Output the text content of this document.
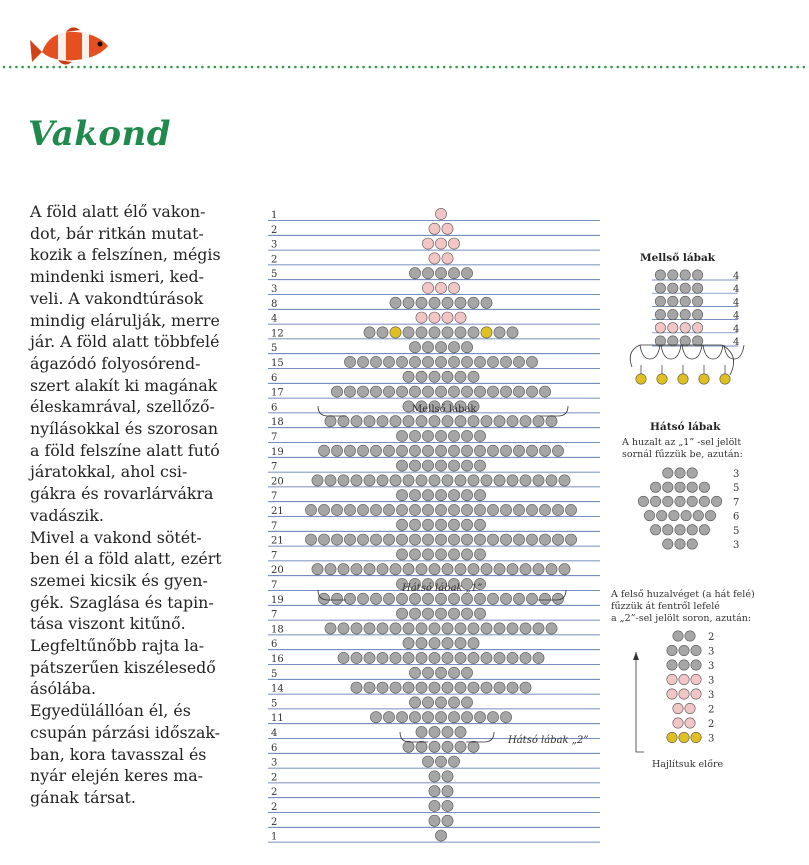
Vakond
A föld alatt élő vakon-
dot, bár ritkán mutat-
kozik a felszínen, mégis
mindenki ismeri, ked-
veli. A vakondtúrások
mindig elárulják, merre
jár. A föld alatt többfelé
ágazódó folyosórend-
szert alakít ki magának
éleskamrával, szellőző-
nyílásokkal és szorosan
a föld felszíne alatt futó
járatokkal, ahol csi-
gákra és rovarlárvákra
vadászik.
Mivel a vakond sötét-
ben él a föld alatt, ezért
szemei kicsik és gyen-
gék. Szaglása és tapin-
tása viszont kitűnő.
Legfeltűnőbb rajta la-
pátszerűen kiszélesedő
ásólába.
Egyedülállóan él, és
csupán párzási időszak-
ban, kora tavasszal és
nyár elején keres ma-
gának társat.
1
2
3
2
5
3
8
4
12
5
15
6
17
6
18
7
19
7
20
7
21
7
21
7
20
7
19
7
18
6
16
5
14
5
11
4
6
3
2
2
2
2
1
Mellső lábak
Hátsó lábak „1”
Hátsó lábak „2”
Mellső lábak
4
4
4
4
4
4
Hátsó lábak
A huzalt az „1” -sel jelölt
sornál fűzzük be, azután:
3
5
7
6
5
3
A felső huzalvéget (a hát felé)
fűzzük át fentről lefelé
a „2”-sel jelölt soron, azután:
2
3
3
3
3
2
2
3
Hajlítsuk előre
